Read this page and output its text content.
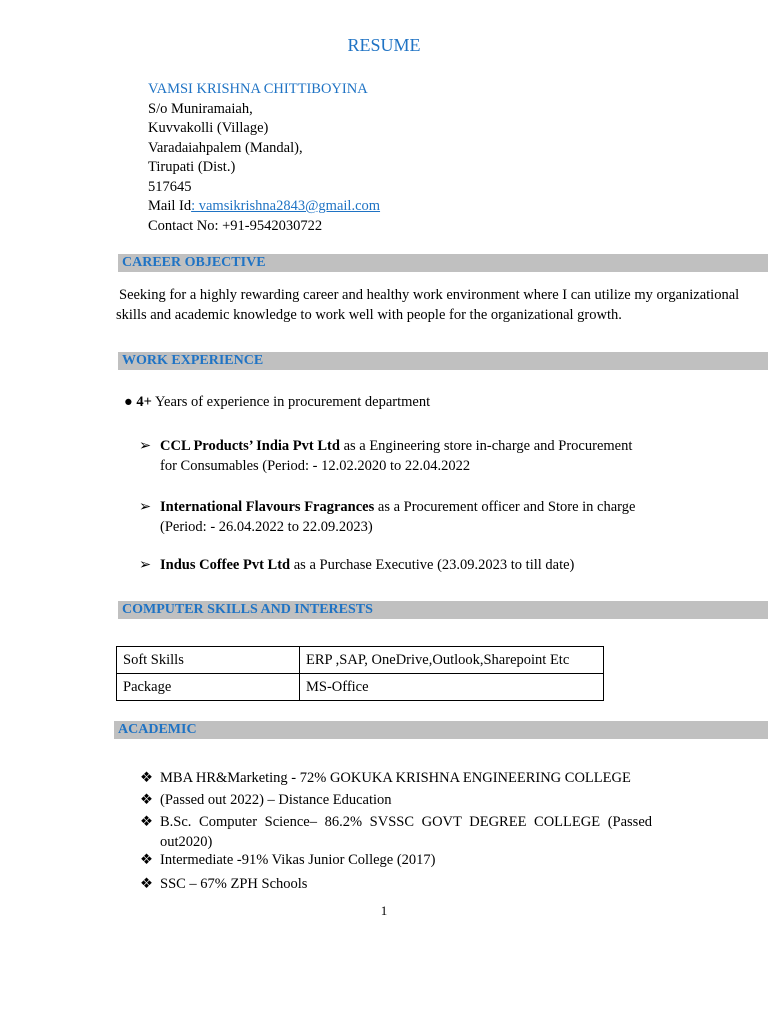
RESUME
VAMSI KRISHNA CHITTIBOYINA
S/o Muniramaiah,
Kuvvakolli (Village)
Varadaiahpalem (Mandal),
Tirupati (Dist.)
517645
Mail Id: vamsikrishna2843@gmail.com
Contact No: +91-9542030722
CAREER OBJECTIVE
Seeking for a highly rewarding career and healthy work environment where I can utilize my organizational
skills and academic knowledge to work well with people for the organizational growth.
WORK EXPERIENCE
● 4+ Years of experience in procurement department
➢ CCL Products’ India Pvt Ltd as a Engineering store in-charge and Procurement
for Consumables (Period: - 12.02.2020 to 22.04.2022
➢ International Flavours Fragrances as a Procurement officer and Store in charge
(Period: - 26.04.2022 to 22.09.2023)
➢ Indus Coffee Pvt Ltd as a Purchase Executive (23.09.2023 to till date)
COMPUTER SKILLS AND INTERESTS
Soft Skills	ERP ,SAP, OneDrive,Outlook,Sharepoint Etc
Package	MS-Office
ACADEMIC
❖ MBA HR&Marketing - 72% GOKUKA KRISHNA ENGINEERING COLLEGE
❖ (Passed out 2022) – Distance Education
❖ B.Sc. Computer Science– 86.2% SVSSC GOVT DEGREE COLLEGE (Passed out2020)
❖ Intermediate -91% Vikas Junior College (2017)
❖ SSC – 67% ZPH Schools
1
